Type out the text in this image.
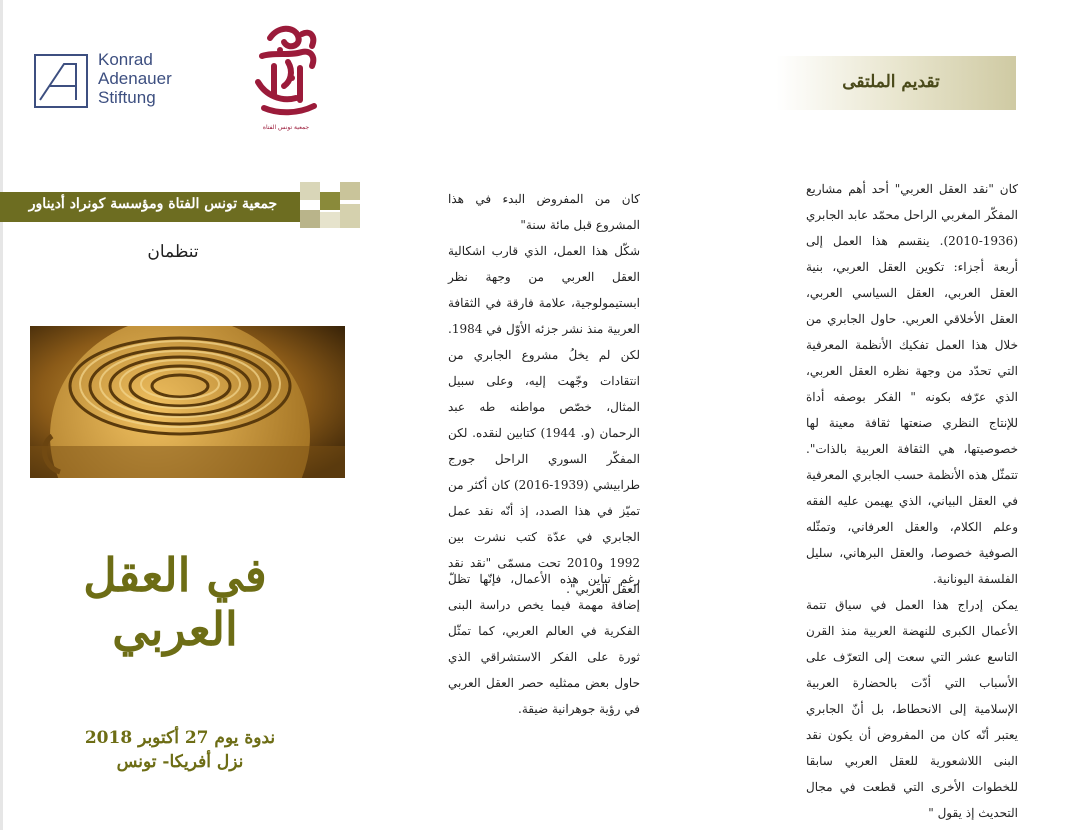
Konrad
Adenauer
Stiftung
جمعية تونس الفتاة
جمعية تونس الفتاة ومؤسسة كونراد أديناور
تنظمان
في العقل العربي
ندوة يوم 27 أكتوبر 2018
نزل أفريكا- تونس

كان من المفروض البدء في هذا المشروع قبل مائة سنة"

شكّل هذا العمل، الذي قارب اشكالية العقل العربي من وجهة نظر ابستيمولوجية، علامة فارقة في الثقافة العربية منذ نشر جزئه الأوّل في 1984. لكن لم يخلُ مشروع الجابري من انتقادات وجّهت إليه، وعلى سبيل المثال، خصّص مواطنه طه عبد الرحمان (و. 1944) كتابين لنقده. لكن المفكّر السوري الراحل جورج طرابيشي (1939-2016) كان أكثر من تميّز في هذا الصدد، إذ أنّه نقد عمل الجابري في عدّة كتب نشرت بين 1992 و2010 تحت مسمّى "نقد نقد العقل العربي".

رغم تباين هذه الأعمال، فإنّها تظلّ إضافة مهمة فيما يخص دراسة البنى الفكرية في العالم العربي، كما تمثّل ثورة على الفكر الاستشراقي الذي حاول بعض ممثليه حصر العقل العربي في رؤية جوهرانية ضيقة.

تقديم الملتقى

كان "نقد العقل العربي" أحد أهم مشاريع المفكّر المغربي الراحل محمّد عابد الجابري (1936-2010). ينقسم هذا العمل إلى أربعة أجزاء: تكوين العقل العربي، بنية العقل العربي، العقل السياسي العربي، العقل الأخلاقي العربي. حاول الجابري من خلال هذا العمل تفكيك الأنظمة المعرفية التي تحدّد من وجهة نظره العقل العربي، الذي عرّفه بكونه " الفكر بوصفه أداة للإنتاج النظري صنعتها ثقافة معينة لها خصوصيتها، هي الثقافة العربية بالذات". تتمثّل هذه الأنظمة حسب الجابري المعرفية في العقل البياني، الذي يهيمن عليه الفقه وعلم الكلام، والعقل العرفاني، وتمثّله الصوفية خصوصا، والعقل البرهاني، سليل الفلسفة اليونانية.

يمكن إدراج هذا العمل في سياق تتمة الأعمال الكبرى للنهضة العربية منذ القرن التاسع عشر التي سعت إلى التعرّف على الأسباب التي أدّت بالحضارة العربية الإسلامية إلى الانحطاط، بل أنّ الجابري يعتبر أنّه كان من المفروض أن يكون نقد البنى اللاشعورية للعقل العربي سابقا للخطوات الأخرى التي قطعت في مجال التحديث إذ يقول "
